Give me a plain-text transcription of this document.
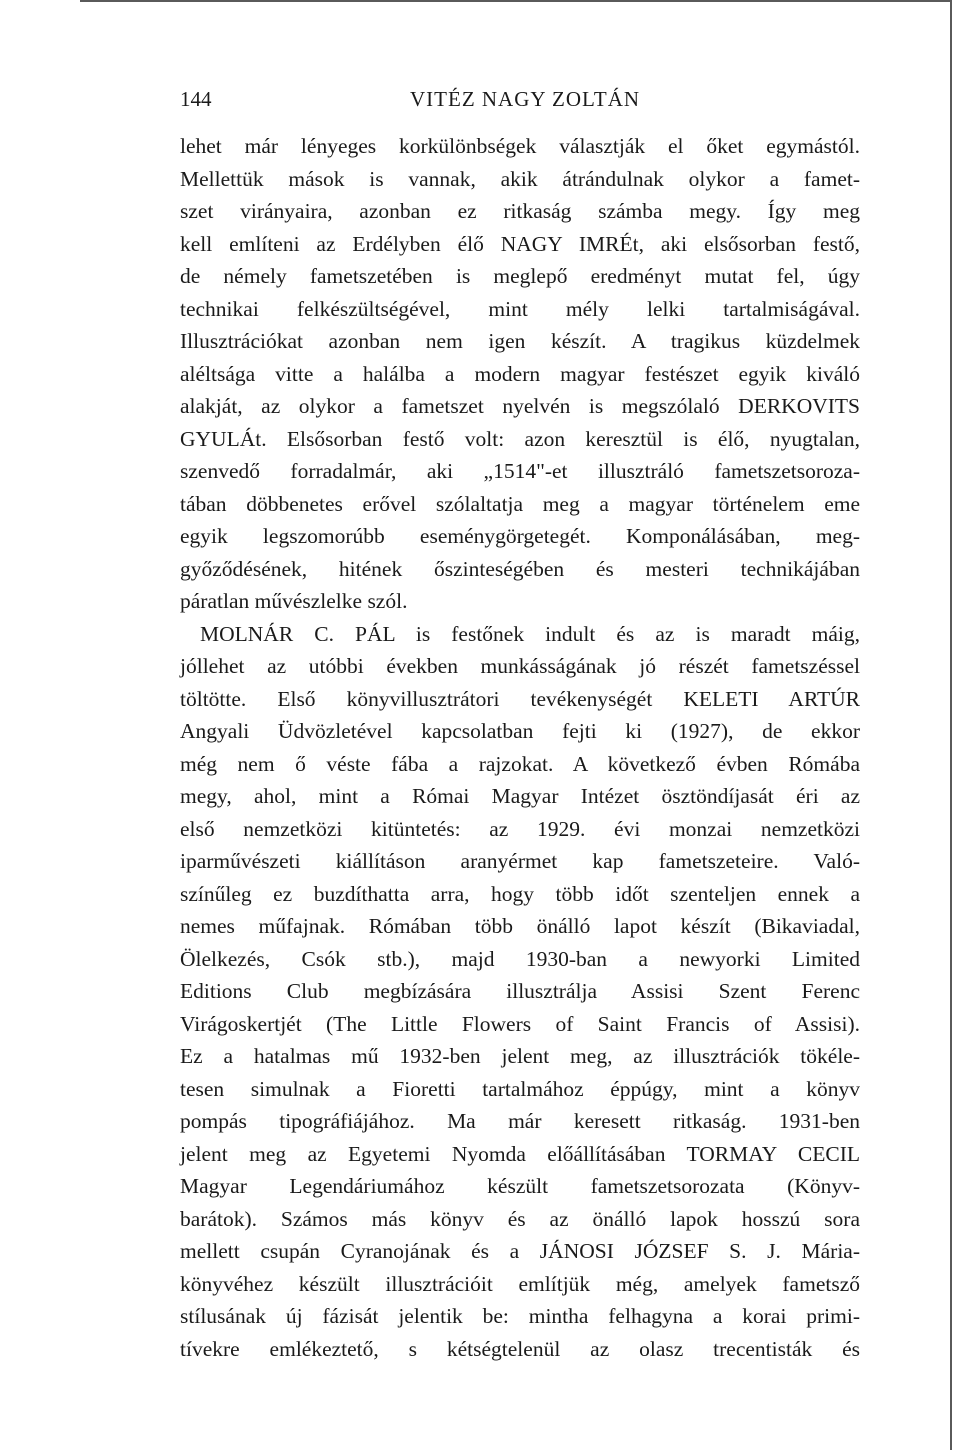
144	VITÉZ NAGY ZOLTÁN
lehet már lényeges korkülönbségek választják el őket egymástól.
Mellettük mások is vannak, akik átrándulnak olykor a famet-
szet virányaira, azonban ez ritkaság számba megy. Így meg
kell említeni az Erdélyben élő NAGY IMRÉt, aki elsősorban festő,
de némely fametszetében is meglepő eredményt mutat fel, úgy
technikai felkészültségével, mint mély lelki tartalmiságával.
Illusztrációkat azonban nem igen készít. A tragikus küzdelmek
aléltsága vitte a halálba a modern magyar festészet egyik kiváló
alakját, az olykor a fametszet nyelvén is megszólaló DERKOVITS
GYULÁt. Elsősorban festő volt: azon keresztül is élő, nyugtalan,
szenvedő forradalmár, aki „1514"-et illusztráló fametszetsoroza-
tában döbbenetes erővel szólaltatja meg a magyar történelem eme
egyik legszomorúbb eseménygörgetegét. Komponálásában, meg-
győződésének, hitének őszinteségében és mesteri technikájában
páratlan művészlelke szól.
MOLNÁR C. PÁL is festőnek indult és az is maradt máig,
jóllehet az utóbbi években munkásságának jó részét fametszéssel
töltötte. Első könyvillusztrátori tevékenységét KELETI ARTÚR
Angyali Üdvözletével kapcsolatban fejti ki (1927), de ekkor
még nem ő véste fába a rajzokat. A következő évben Rómába
megy, ahol, mint a Római Magyar Intézet ösztöndíjasát éri az
első nemzetközi kitüntetés: az 1929. évi monzai nemzetközi
iparművészeti kiállításon aranyérmet kap fametszeteire. Való-
színűleg ez buzdíthatta arra, hogy több időt szenteljen ennek a
nemes műfajnak. Rómában több önálló lapot készít (Bikaviadal,
Ölelkezés, Csók stb.), majd 1930-ban a newyorki Limited
Editions Club megbízására illusztrálja Assisi Szent Ferenc
Virágoskertjét (The Little Flowers of Saint Francis of Assisi).
Ez a hatalmas mű 1932-ben jelent meg, az illusztrációk tökéle-
tesen simulnak a Fioretti tartalmához éppúgy, mint a könyv
pompás tipográfiájához. Ma már keresett ritkaság. 1931-ben
jelent meg az Egyetemi Nyomda előállításában TORMAY CECIL
Magyar Legendáriumához készült fametszetsorozata (Könyv-
barátok). Számos más könyv és az önálló lapok hosszú sora
mellett csupán Cyranojának és a JÁNOSI JÓZSEF S. J. Mária-
könyvéhez készült illusztrációit említjük még, amelyek fametsző
stílusának új fázisát jelentik be: mintha felhagyna a korai primi-
tívekre emlékeztető, s kétségtelenül az olasz trecentisták és
